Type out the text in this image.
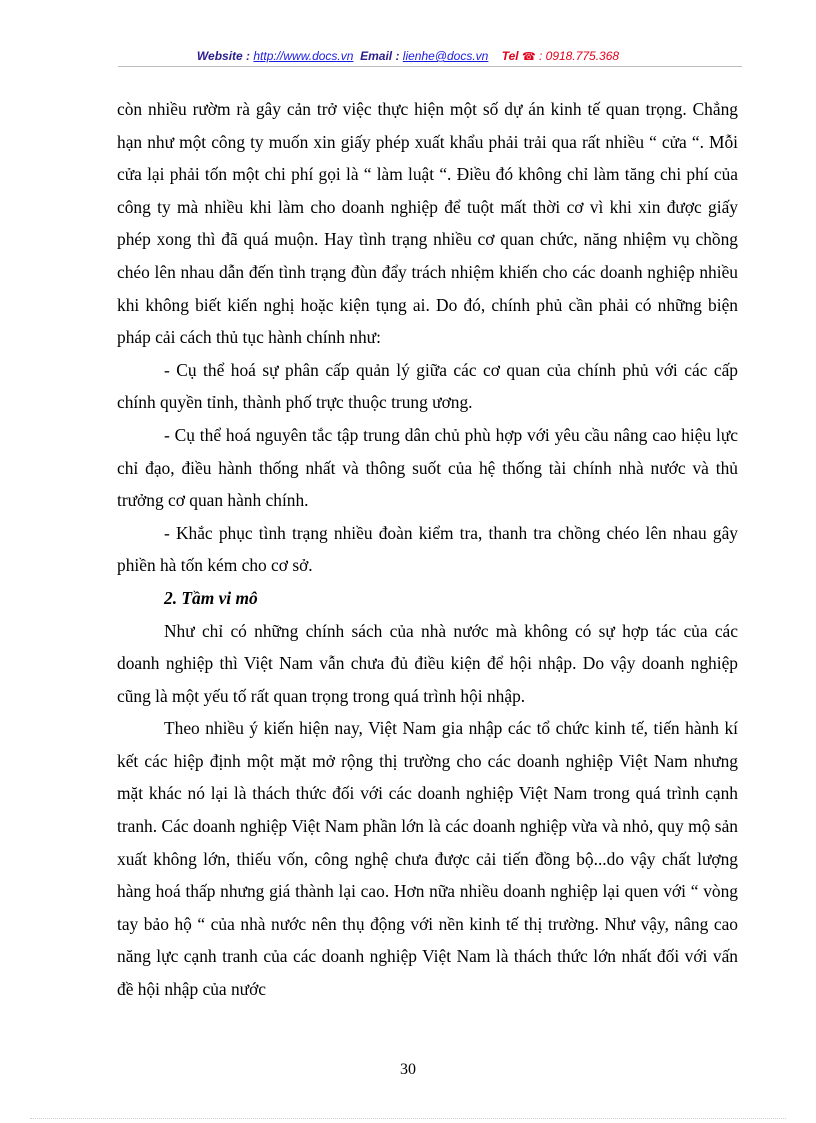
Website : http://www.docs.vn Email : lienhe@docs.vn Tel ☎ : 0918.775.368

còn nhiều rườm rà gây cản trở việc thực hiện một số dự án kinh tế quan trọng. Chẳng hạn như một công ty muốn xin giấy phép xuất khẩu phải trải qua rất nhiều “ cửa “. Mỗi cửa lại phải tốn một chi phí gọi là “ làm luật “. Điều đó không chỉ làm tăng chi phí của công ty mà nhiều khi làm cho doanh nghiệp để tuột mất thời cơ vì khi xin được giấy phép xong thì đã quá muộn. Hay tình trạng nhiều cơ quan chức, năng nhiệm vụ chồng chéo lên nhau dẫn đến tình trạng đùn đẩy trách nhiệm khiến cho các doanh nghiệp nhiều khi không biết kiến nghị hoặc kiện tụng ai. Do đó, chính phủ cần phải có những biện pháp cải cách thủ tục hành chính như:

- Cụ thể hoá sự phân cấp quản lý giữa các cơ quan của chính phủ với các cấp chính quyền tỉnh, thành phố trực thuộc trung ương.

- Cụ thể hoá nguyên tắc tập trung dân chủ phù hợp với yêu cầu nâng cao hiệu lực chỉ đạo, điều hành thống nhất và thông suốt của hệ thống tài chính nhà nước và thủ trưởng cơ quan hành chính.

- Khắc phục tình trạng nhiều đoàn kiểm tra, thanh tra chồng chéo lên nhau gây phiền hà tốn kém cho cơ sở.

2. Tầm vi mô

Như chỉ có những chính sách của nhà nước mà không có sự hợp tác của các doanh nghiệp thì Việt Nam vẫn chưa đủ điều kiện để hội nhập. Do vậy doanh nghiệp cũng là một yếu tố rất quan trọng trong quá trình hội nhập.

Theo nhiều ý kiến hiện nay, Việt Nam gia nhập các tổ chức kinh tế, tiến hành kí kết các hiệp định một mặt mở rộng thị trường cho các doanh nghiệp Việt Nam nhưng mặt khác nó lại là thách thức đối với các doanh nghiệp Việt Nam trong quá trình cạnh tranh. Các doanh nghiệp Việt Nam phần lớn là các doanh nghiệp vừa và nhỏ, quy mộ sản xuất không lớn, thiếu vốn, công nghệ chưa được cải tiến đồng bộ...do vậy chất lượng hàng hoá thấp nhưng giá thành lại cao. Hơn nữa nhiều doanh nghiệp lại quen với “ vòng tay bảo hộ “ của nhà nước nên thụ động với nền kinh tế thị trường. Như vậy, nâng cao năng lực cạnh tranh của các doanh nghiệp Việt Nam là thách thức lớn nhất đối với vấn đề hội nhập của nước

30
